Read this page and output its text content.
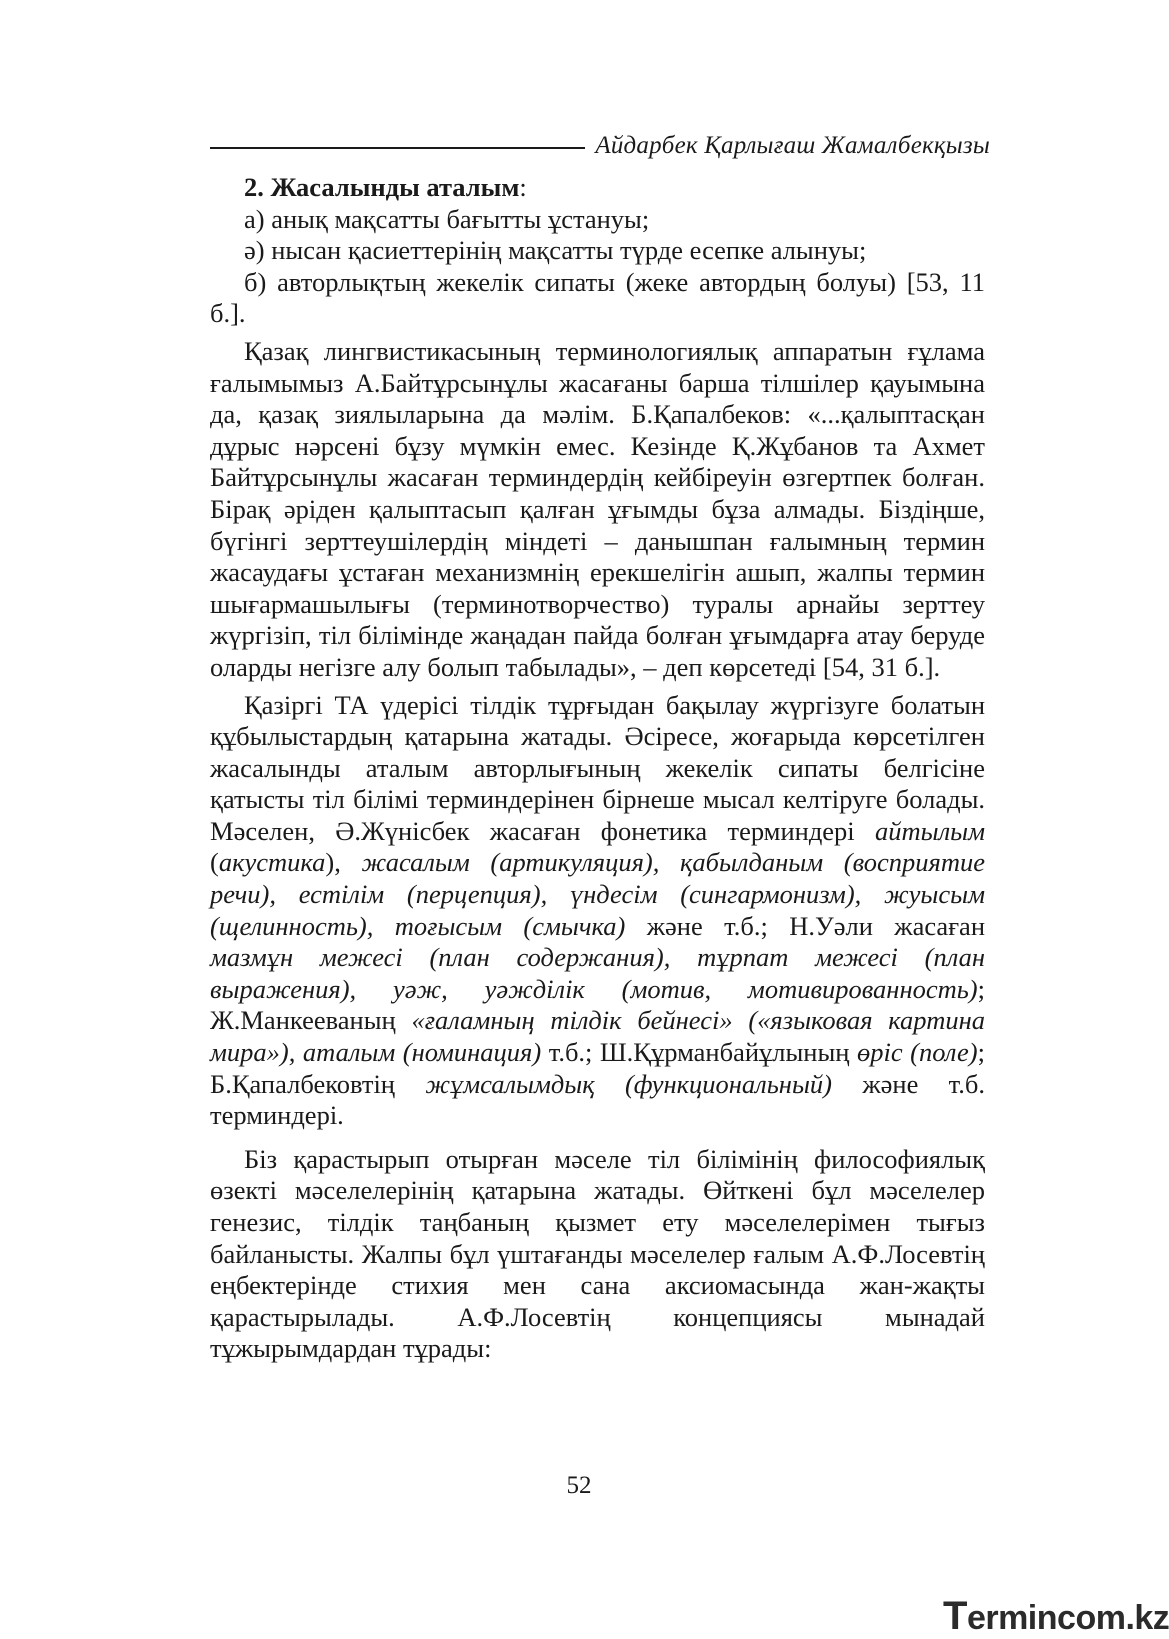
Айдарбек Қарлығаш Жамалбекқызы

2. Жасалынды аталым:

а) анық мақсатты бағытты ұстануы;

ә) нысан қасиеттерінің мақсатты түрде есепке алынуы;

б) авторлықтың жекелік сипаты (жеке автордың болуы) [53, 11 б.].

Қазақ лингвистикасының терминологиялық аппаратын ғұлама ғалымымыз А.Байтұрсынұлы жасағаны барша тілшілер қауымына да, қазақ зиялыларына да мәлім. Б.Қапалбеков: «...қалыптасқан дұрыс нәрсені бұзу мүмкін емес. Кезінде Қ.Жұбанов та Ахмет Байтұрсынұлы жасаған терминдердің кейбіреуін өзгертпек болған. Бірақ әріден қалыптасып қалған ұғымды бұза алмады. Біздіңше, бүгінгі зерттеушілердің міндеті – данышпан ғалымның термин жасаудағы ұстаған механизмнің ерекшелігін ашып, жалпы термин шығармашылығы (терминотворчество) туралы арнайы зерттеу жүргізіп, тіл білімінде жаңадан пайда болған ұғымдарға атау беруде оларды негізге алу болып табылады», – деп көрсетеді [54, 31 б.].

Қазіргі ТА үдерісі тілдік тұрғыдан бақылау жүргізуге болатын құбылыстардың қатарына жатады. Әсіресе, жоғарыда көрсетілген жасалынды аталым авторлығының жекелік сипаты белгісіне қатысты тіл білімі терминдерінен бірнеше мысал келтіруге болады. Мәселен, Ә.Жүнісбек жасаған фонетика терминдері айтылым (акустика), жасалым (артикуляция), қабылданым (восприятие речи), естілім (перцепция), үндесім (сингармонизм), жуысым (щелинность), тоғысым (смычка) және т.б.; Н.Уәли жасаған мазмұн межесі (план содержания), тұрпат межесі (план выражения), уәж, уәжділік (мотив, мотивированность); Ж.Манкееваның «ғаламның тілдік бейнесі» («языковая картина мира»), аталым (номинация) т.б.; Ш.Құрманбайұлының өріс (поле); Б.Қапалбековтің жұмсалымдық (функциональный) және т.б. терминдері.

Біз қарастырып отырған мәселе тіл білімінің философиялық өзекті мәселелерінің қатарына жатады. Өйткені бұл мәселелер генезис, тілдік таңбаның қызмет ету мәселелерімен тығыз байланысты. Жалпы бұл үштағанды мәселелер ғалым А.Ф.Лосевтің еңбектерінде стихия мен сана аксиомасында жан-жақты қарастырылады. А.Ф.Лосевтің концепциясы мынадай тұжырымдардан тұрады:

52
T erminc o m.kz
